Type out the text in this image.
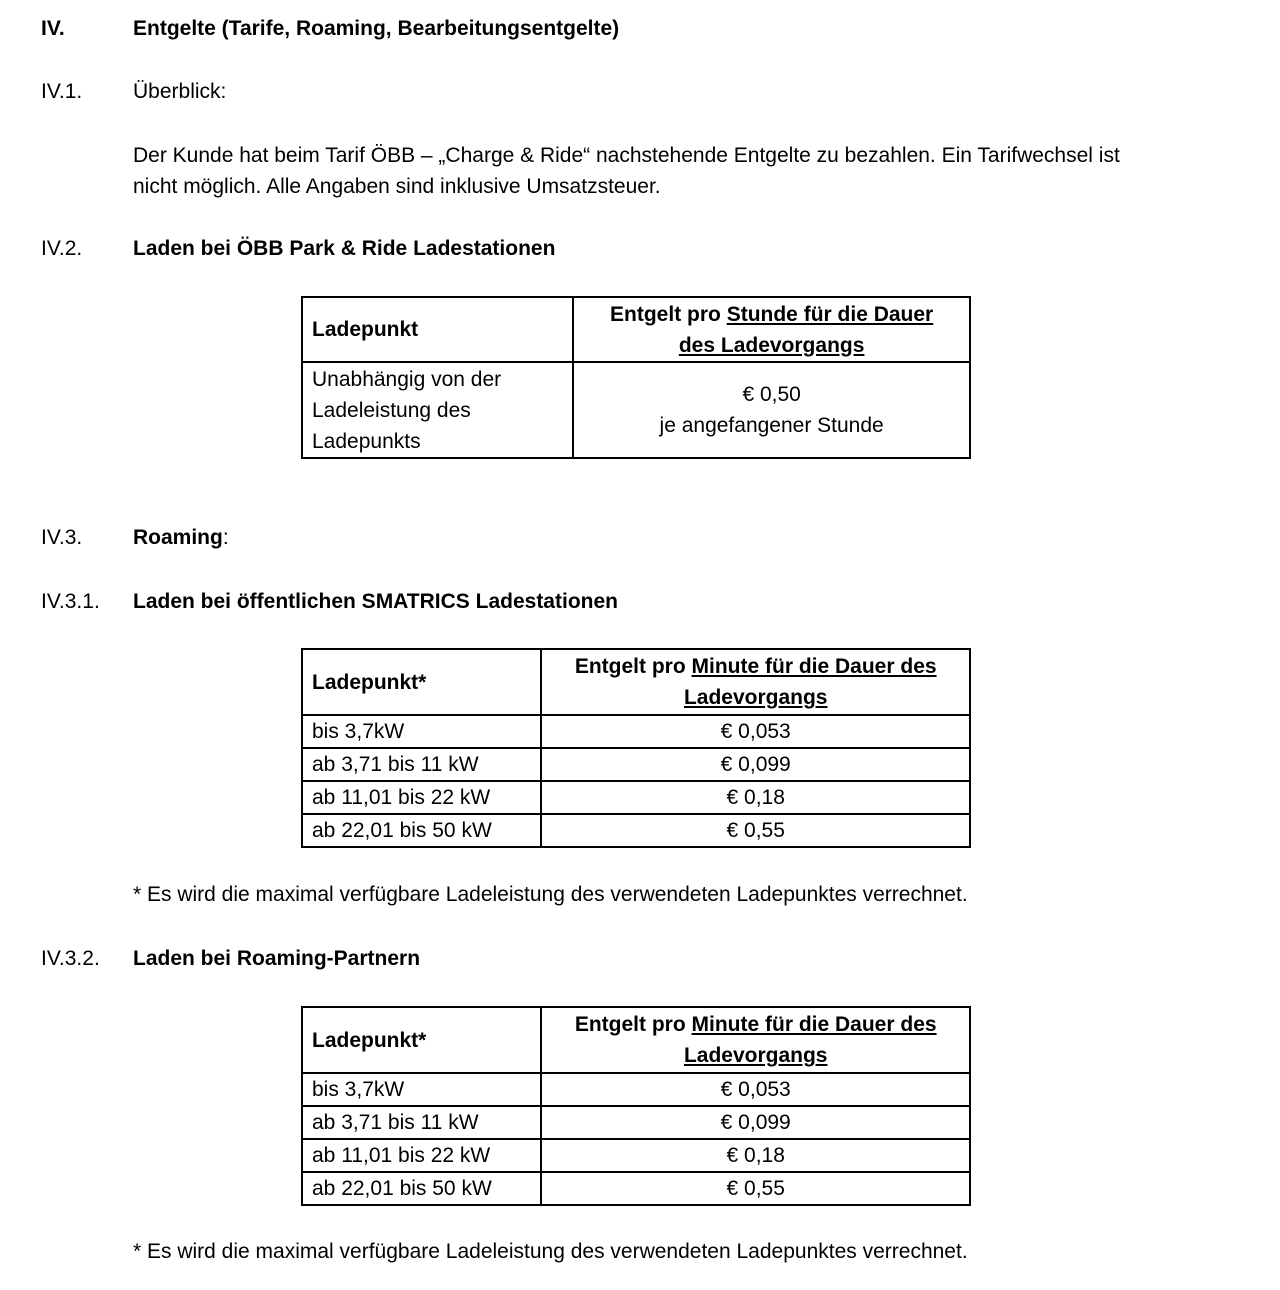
IV.	Entgelte (Tarife, Roaming, Bearbeitungsentgelte)
IV.1. Überblick:
Der Kunde hat beim Tarif ÖBB – „Charge & Ride“ nachstehende Entgelte zu bezahlen. Ein Tarifwechsel ist
nicht möglich. Alle Angaben sind inklusive Umsatzsteuer.
IV.2. Laden bei ÖBB Park & Ride Ladestationen
Ladepunkt	Entgelt pro Stunde für die Dauer
des Ladevorgangs
Unabhängig von der
Ladeleistung des
Ladepunkts	€ 0,50
je angefangener Stunde
IV.3. Roaming:
IV.3.1. Laden bei öffentlichen SMATRICS Ladestationen
Ladepunkt*	Entgelt pro Minute für die Dauer des
Ladevorgangs
bis 3,7kW	€ 0,053
ab 3,71 bis 11 kW	€ 0,099
ab 11,01 bis 22 kW	€ 0,18
ab 22,01 bis 50 kW	€ 0,55
* Es wird die maximal verfügbare Ladeleistung des verwendeten Ladepunktes verrechnet.
IV.3.2. Laden bei Roaming-Partnern
Ladepunkt*	Entgelt pro Minute für die Dauer des
Ladevorgangs
bis 3,7kW	€ 0,053
ab 3,71 bis 11 kW	€ 0,099
ab 11,01 bis 22 kW	€ 0,18
ab 22,01 bis 50 kW	€ 0,55
* Es wird die maximal verfügbare Ladeleistung des verwendeten Ladepunktes verrechnet.
